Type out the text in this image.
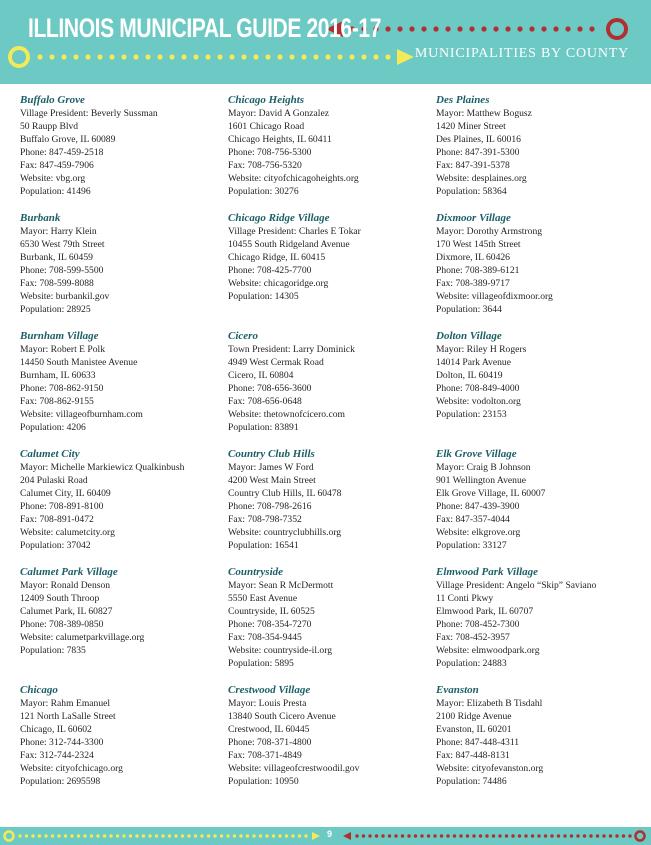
ILLINOIS MUNICIPAL GUIDE 2016-17
MUNICIPALITIES BY COUNTY
Buffalo Grove
Village President: Beverly Sussman
50 Raupp Blvd
Buffalo Grove, IL 60089
Phone: 847-459-2518
Fax: 847-459-7906
Website: vbg.org
Population: 41496
Burbank
Mayor: Harry Klein
6530 West 79th Street
Burbank, IL 60459
Phone: 708-599-5500
Fax: 708-599-8088
Website: burbankil.gov
Population: 28925
Burnham Village
Mayor: Robert E Polk
14450 South Manistee Avenue
Burnham, IL 60633
Phone: 708-862-9150
Fax: 708-862-9155
Website: villageofburnham.com
Population: 4206
Calumet City
Mayor: Michelle Markiewicz Qualkinbush
204 Pulaski Road
Calumet City, IL 60409
Phone: 708-891-8100
Fax: 708-891-0472
Website: calumetcity.org
Population: 37042
Calumet Park Village
Mayor: Ronald Denson
12409 South Throop
Calumet Park, IL 60827
Phone: 708-389-0850
Website: calumetparkvillage.org
Population: 7835
Chicago
Mayor: Rahm Emanuel
121 North LaSalle Street
Chicago, IL 60602
Phone: 312-744-3300
Fax: 312-744-2324
Website: cityofchicago.org
Population: 2695598
Chicago Heights
Mayor: David A Gonzalez
1601 Chicago Road
Chicago Heights, IL 60411
Phone: 708-756-5300
Fax: 708-756-5320
Website: cityofchicagoheights.org
Population: 30276
Chicago Ridge Village
Village President: Charles E Tokar
10455 South Ridgeland Avenue
Chicago Ridge, IL 60415
Phone: 708-425-7700
Website: chicagoridge.org
Population: 14305
Cicero
Town President: Larry Dominick
4949 West Cermak Road
Cicero, IL 60804
Phone: 708-656-3600
Fax: 708-656-0648
Website: thetownofcicero.com
Population: 83891
Country Club Hills
Mayor: James W Ford
4200 West Main Street
Country Club Hills, IL 60478
Phone: 708-798-2616
Fax: 708-798-7352
Website: countryclubhills.org
Population: 16541
Countryside
Mayor: Sean R McDermott
5550 East Avenue
Countryside, IL 60525
Phone: 708-354-7270
Fax: 708-354-9445
Website: countryside-il.org
Population: 5895
Crestwood Village
Mayor: Louis Presta
13840 South Cicero Avenue
Crestwood, IL 60445
Phone: 708-371-4800
Fax: 708-371-4849
Website: villageofcrestwoodil.gov
Population: 10950
Des Plaines
Mayor: Matthew Bogusz
1420 Miner Street
Des Plaines, IL 60016
Phone: 847-391-5300
Fax: 847-391-5378
Website: desplaines.org
Population: 58364
Dixmoor Village
Mayor: Dorothy Armstrong
170 West 145th Street
Dixmore, IL 60426
Phone: 708-389-6121
Fax: 708-389-9717
Website: villageofdixmoor.org
Population: 3644
Dolton Village
Mayor: Riley H Rogers
14014 Park Avenue
Dolton, IL 60419
Phone: 708-849-4000
Website: vodolton.org
Population: 23153
Elk Grove Village
Mayor: Craig B Johnson
901 Wellington Avenue
Elk Grove Village, IL 60007
Phone: 847-439-3900
Fax: 847-357-4044
Website: elkgrove.org
Population: 33127
Elmwood Park Village
Village President: Angelo “Skip” Saviano
11 Conti Pkwy
Elmwood Park, IL 60707
Phone: 708-452-7300
Fax: 708-452-3957
Website: elmwoodpark.org
Population: 24883
Evanston
Mayor: Elizabeth B Tisdahl
2100 Ridge Avenue
Evanston, IL 60201
Phone: 847-448-4311
Fax: 847-448-8131
Website: cityofevanston.org
Population: 74486
9
